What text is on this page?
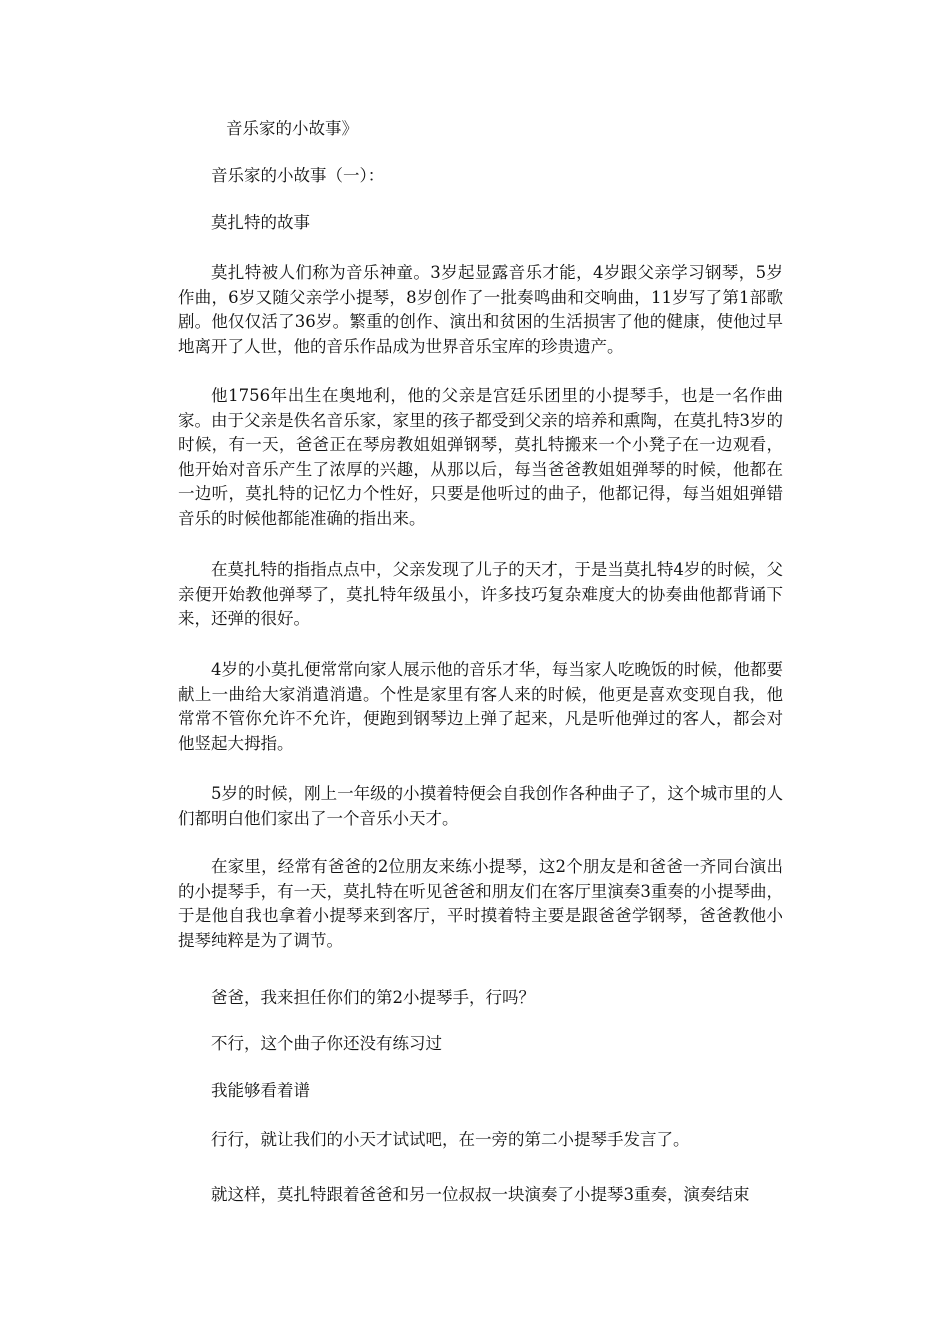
音乐家的小故事》
音乐家的小故事（一）：
莫扎特的故事
莫扎特被人们称为音乐神童。3岁起显露音乐才能，4岁跟父亲学习钢琴，5岁作曲，6岁又随父亲学小提琴，8岁创作了一批奏鸣曲和交响曲，11岁写了第1部歌剧。他仅仅活了36岁。繁重的创作、演出和贫困的生活损害了他的健康，使他过早地离开了人世，他的音乐作品成为世界音乐宝库的珍贵遗产。
他1756年出生在奥地利，他的父亲是宫廷乐团里的小提琴手，也是一名作曲家。由于父亲是佚名音乐家，家里的孩子都受到父亲的培养和熏陶，在莫扎特3岁的时候，有一天，爸爸正在琴房教姐姐弹钢琴，莫扎特搬来一个小凳子在一边观看，他开始对音乐产生了浓厚的兴趣，从那以后，每当爸爸教姐姐弹琴的时候，他都在一边听，莫扎特的记忆力个性好，只要是他听过的曲子，他都记得，每当姐姐弹错音乐的时候他都能准确的指出来。
在莫扎特的指指点点中，父亲发现了儿子的天才，于是当莫扎特4岁的时候，父亲便开始教他弹琴了，莫扎特年级虽小，许多技巧复杂难度大的协奏曲他都背诵下来，还弹的很好。
4岁的小莫扎便常常向家人展示他的音乐才华，每当家人吃晚饭的时候，他都要献上一曲给大家消遣消遣。个性是家里有客人来的时候，他更是喜欢变现自我，他常常不管你允许不允许，便跑到钢琴边上弹了起来，凡是听他弹过的客人，都会对他竖起大拇指。
5岁的时候，刚上一年级的小摸着特便会自我创作各种曲子了，这个城市里的人们都明白他们家出了一个音乐小天才。
在家里，经常有爸爸的2位朋友来练小提琴，这2个朋友是和爸爸一齐同台演出的小提琴手，有一天，莫扎特在听见爸爸和朋友们在客厅里演奏3重奏的小提琴曲，于是他自我也拿着小提琴来到客厅，平时摸着特主要是跟爸爸学钢琴，爸爸教他小提琴纯粹是为了调节。
爸爸，我来担任你们的第2小提琴手，行吗？
不行，这个曲子你还没有练习过
我能够看着谱
行行，就让我们的小天才试试吧，在一旁的第二小提琴手发言了。
就这样，莫扎特跟着爸爸和另一位叔叔一块演奏了小提琴3重奏，演奏结束
